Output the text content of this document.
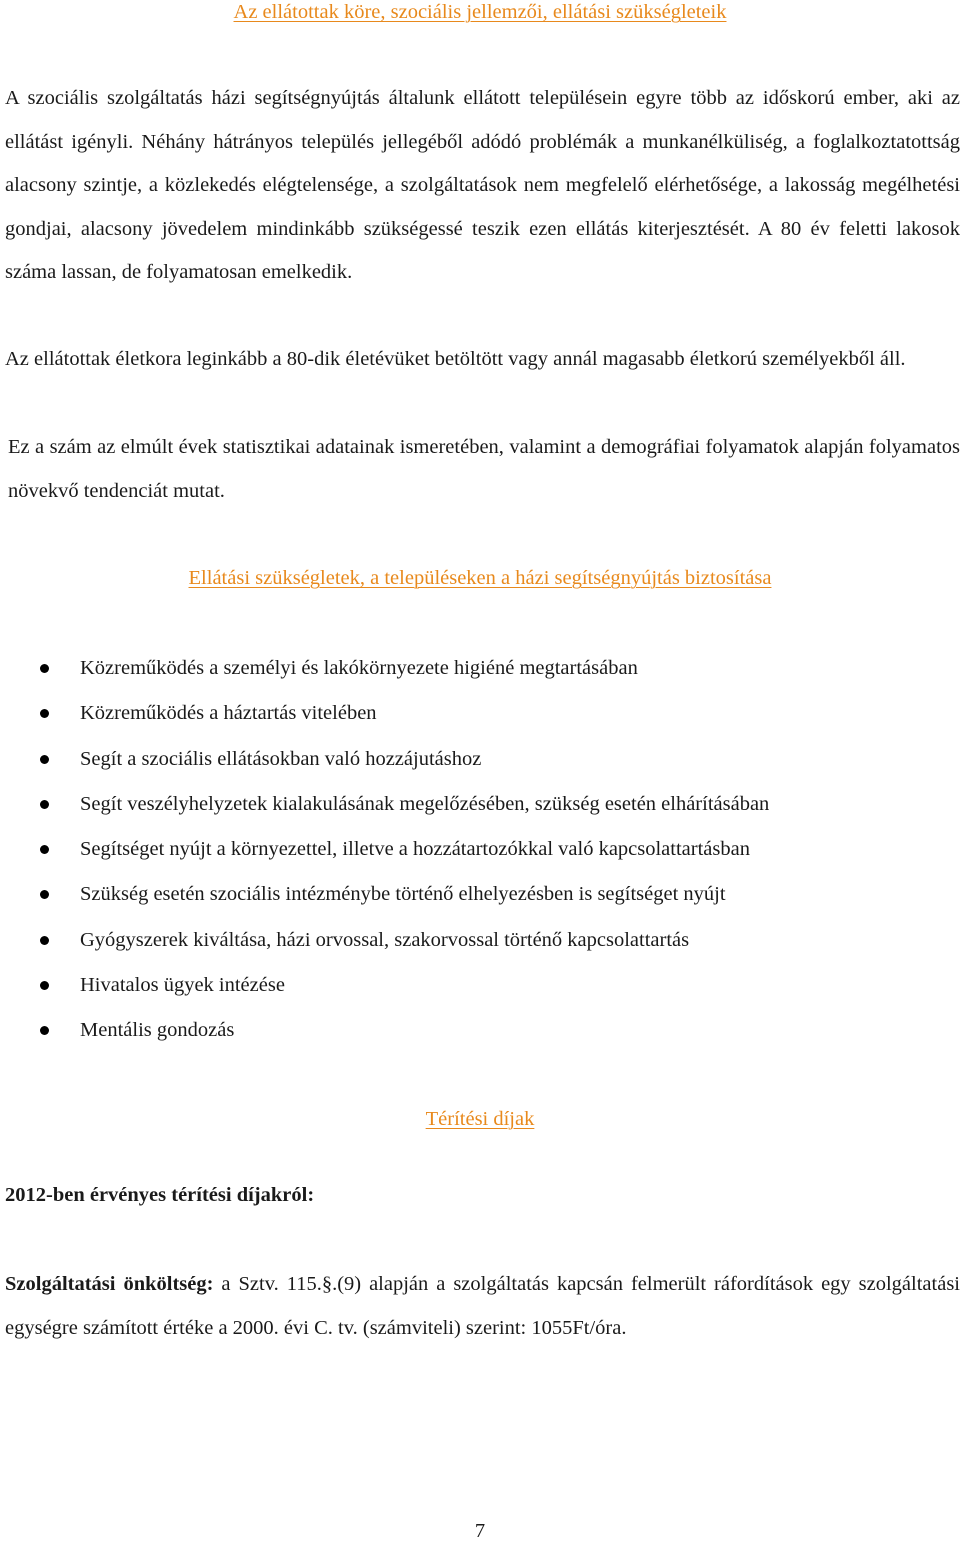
Az ellátottak köre, szociális jellemzői, ellátási szükségleteik
A szociális szolgáltatás házi segítségnyújtás általunk ellátott településein egyre több az időskorú ember, aki az ellátást igényli. Néhány hátrányos település jellegéből adódó problémák a munkanélküliség, a foglalkoztatottság alacsony szintje, a közlekedés elégtelensége, a szolgáltatások nem megfelelő elérhetősége, a lakosság megélhetési gondjai, alacsony jövedelem mindinkább szükségessé teszik ezen ellátás kiterjesztését. A 80 év feletti lakosok száma lassan, de folyamatosan emelkedik.
Az ellátottak életkora leginkább a 80-dik életévüket betöltött vagy annál magasabb életkorú személyekből áll.
Ez a szám az elmúlt évek statisztikai adatainak ismeretében, valamint a demográfiai folyamatok alapján folyamatos növekvő tendenciát mutat.
Ellátási szükségletek, a településeken a házi segítségnyújtás biztosítása
Közreműködés a személyi és lakókörnyezete higiéné megtartásában
Közreműködés a háztartás vitelében
Segít a szociális ellátásokban való hozzájutáshoz
Segít veszélyhelyzetek kialakulásának megelőzésében, szükség esetén elhárításában
Segítséget nyújt a környezettel, illetve a hozzátartozókkal való kapcsolattartásban
Szükség esetén szociális intézménybe történő elhelyezésben is segítséget nyújt
Gyógyszerek kiváltása, házi orvossal, szakorvossal történő kapcsolattartás
Hivatalos ügyek intézése
Mentális gondozás
Térítési díjak
2012-ben érvényes térítési díjakról:
Szolgáltatási önköltség: a Sztv. 115.§.(9) alapján a szolgáltatás kapcsán felmerült ráfordítások egy szolgáltatási egységre számított értéke a 2000. évi C. tv. (számviteli) szerint: 1055Ft/óra.
7
